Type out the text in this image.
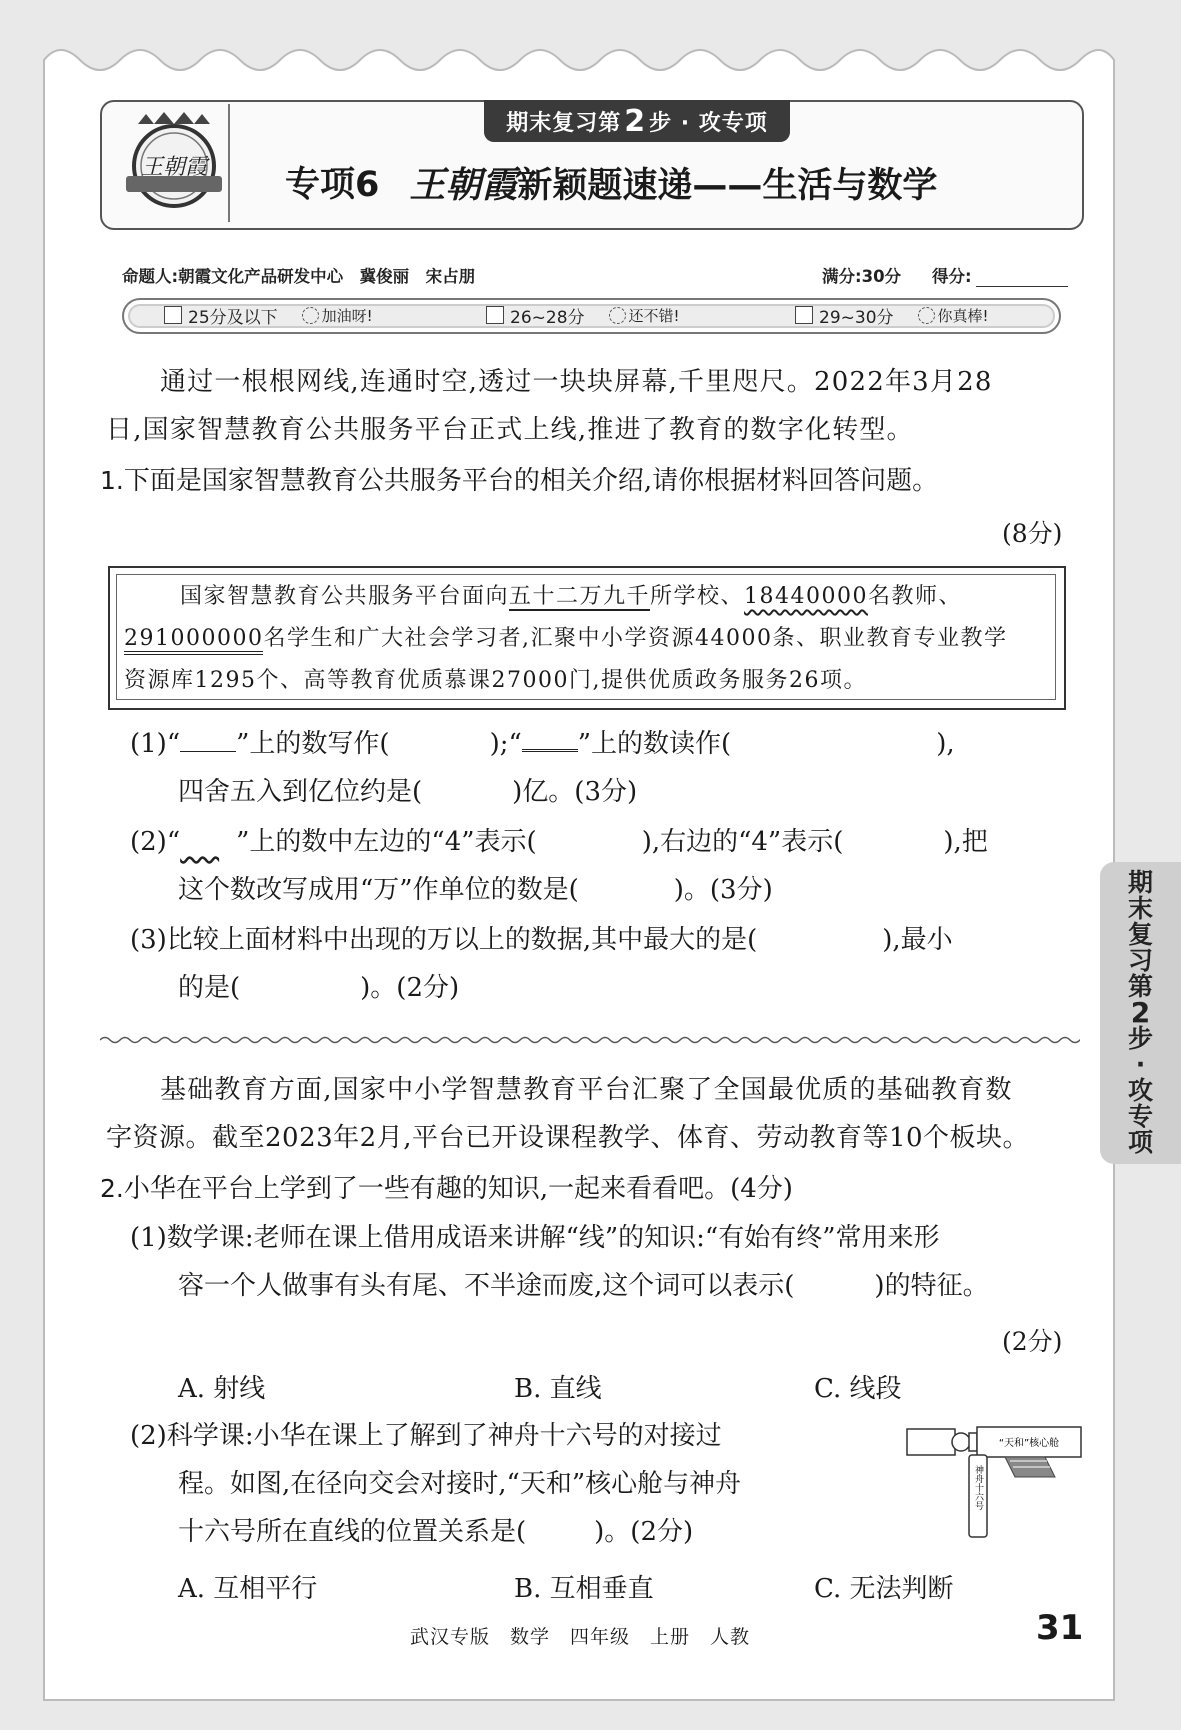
王朝霞
期末复习第 2 步 · 攻专项
专项6 王朝霞新颖题速递——生活与数学
命题人:朝霞文化产品研发中心　冀俊丽　宋占朋	满分:30分 得分:
25分及以下	加油呀!	26~28分	还不错!	29~30分	你真棒!
通过一根根网线,连通时空,透过一块块屏幕,千里咫尺。2022年3月28
日,国家智慧教育公共服务平台正式上线,推进了教育的数字化转型。
1.下面是国家智慧教育公共服务平台的相关介绍,请你根据材料回答问题。
(8分)
国家智慧教育公共服务平台面向五十二万九千所学校、18440000名教师、
291000000名学生和广大社会学习者,汇聚中小学资源44000条、职业教育专业教学
资源库1295个、高等教育优质慕课27000门,提供优质政务服务26项。
(1)“ ”上的数写作(	);“ ”上的数读作(	),
四舍五入到亿位约是(	)亿。(3分)
(2)“    ”上的数中左边的“4”表示(	),右边的“4”表示(	),把
这个数改写成用“万”作单位的数是(	)。(3分)
(3)比较上面材料中出现的万以上的数据,其中最大的是(	),最小
的是(	)。(2分)
基础教育方面,国家中小学智慧教育平台汇聚了全国最优质的基础教育数
字资源。截至2023年2月,平台已开设课程教学、体育、劳动教育等10个板块。
2.小华在平台上学到了一些有趣的知识,一起来看看吧。(4分)
(1)数学课:老师在课上借用成语来讲解“线”的知识:“有始有终”常用来形
容一个人做事有头有尾、不半途而废,这个词可以表示(	)的特征。
(2分)
A. 射线	B. 直线	C. 线段
(2)科学课:小华在课上了解到了神舟十六号的对接过
程。如图,在径向交会对接时,“天和”核心舱与神舟
十六号所在直线的位置关系是(	)。(2分)
“天和”核心舱
神舟十六号
A. 互相平行	B. 互相垂直	C. 无法判断
期
末
复
习
第
2
步
·
攻
专
项
武汉专版　数学　四年级　上册　人教	31
